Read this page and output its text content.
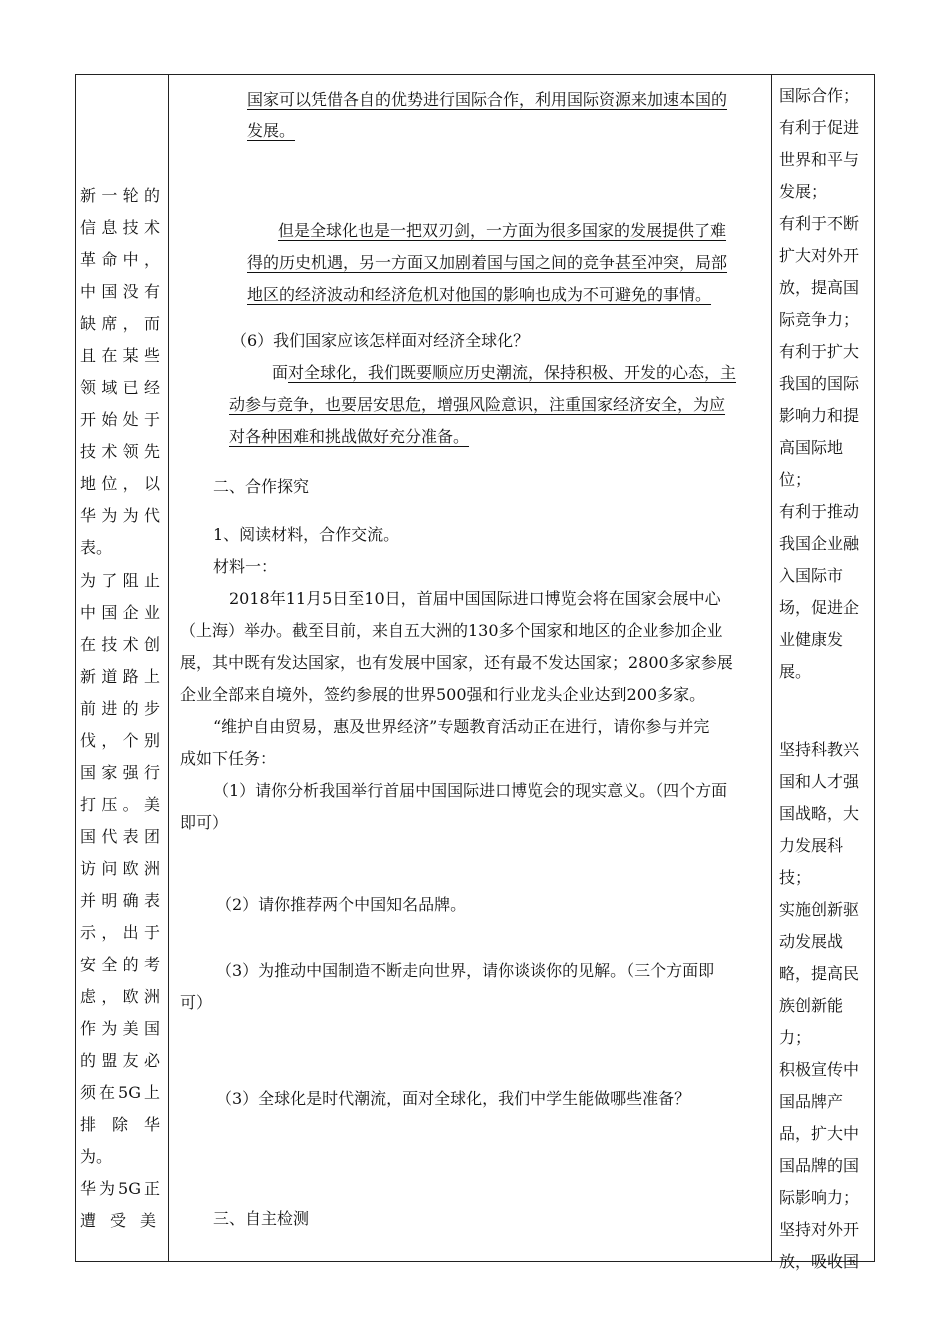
新一轮的
信息技术
革命中，
中国没有
缺席，而
且在某些
领域已经
开始处于
技术领先
地位，以
华为为代
表。
为了阻止
中国企业
在技术创
新道路上
前进的步
伐，个别
国家强行
打压。美
国代表团
访问欧洲
并明确表
示，出于
安全的考
虑，欧洲
作为美国
的盟友必
须在5G上
排除华
为。
华为5G正
遭受美
国际合作；
有利于促进
世界和平与
发展；
有利于不断
扩大对外开
放，提高国
际竞争力；
有利于扩大
我国的国际
影响力和提
高国际地
位；
有利于推动
我国企业融
入国际市
场，促进企
业健康发
展。
坚持科教兴
国和人才强
国战略，大
力发展科
技；
实施创新驱
动发展战
略，提高民
族创新能
力；
积极宣传中
国品牌产
品，扩大中
国品牌的国
际影响力；
坚持对外开
放，吸收国
国家可以凭借各自的优势进行国际合作，利用国际资源来加速本国的
发展。
但是全球化也是一把双刃剑，一方面为很多国家的发展提供了难
得的历史机遇，另一方面又加剧着国与国之间的竞争甚至冲突，局部
地区的经济波动和经济危机对他国的影响也成为不可避免的事情。
（6）我们国家应该怎样面对经济全球化？
面 对全球化，我们既要顺应历史潮流，保持积极、开发的心态，主
动参与竞争，也要居安思危，增强风险意识，注重国家经济安全，为应
对各种困难和挑战做好充分准备。
二、合作探究
1、阅读材料，合作交流。
材料一：
2018年11月5日至10日，首届中国国际进口博览会将在国家会展中心
（上海）举办。截至目前，来自五大洲的130多个国家和地区的企业参加企业
展，其中既有发达国家，也有发展中国家，还有最不发达国家；2800多家参展
企业全部来自境外，签约参展的世界500强和行业龙头企业达到200多家。
“维护自由贸易，惠及世界经济”专题教育活动正在进行，请你参与并完
成如下任务：
（1）请你分析我国举行首届中国国际进口博览会的现实意义。（四个方面
即可）
（2）请你推荐两个中国知名品牌。
（3）为推动中国制造不断走向世界，请你谈谈你的见解。（三个方面即
可）
（3）全球化是时代潮流，面对全球化，我们中学生能做哪些准备？
三、自主检测
